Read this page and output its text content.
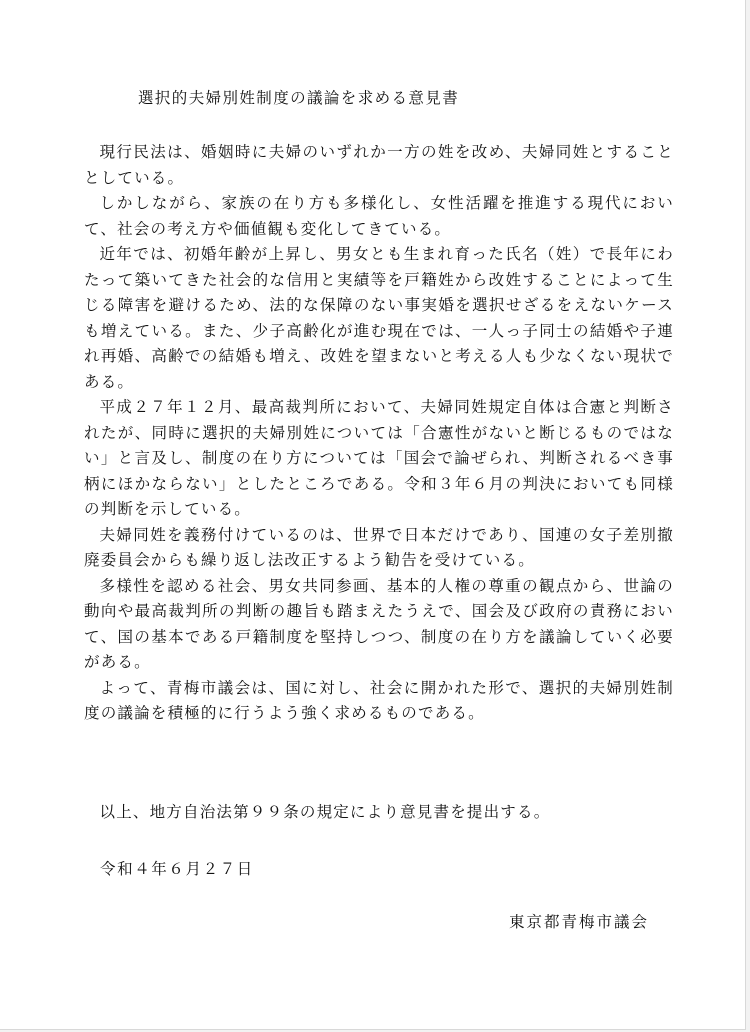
選択的夫婦別姓制度の議論を求める意見書

現行民法は、婚姻時に夫婦のいずれか一方の姓を改め、夫婦同姓とすることとしている。

しかしながら、家族の在り方も多様化し、女性活躍を推進する現代において、社会の考え方や価値観も変化してきている。

近年では、初婚年齢が上昇し、男女とも生まれ育った氏名（姓）で長年にわたって築いてきた社会的な信用と実績等を戸籍姓から改姓することによって生じる障害を避けるため、法的な保障のない事実婚を選択せざるをえないケースも増えている。また、少子高齢化が進む現在では、一人っ子同士の結婚や子連れ再婚、高齢での結婚も増え、改姓を望まないと考える人も少なくない現状である。

平成２７年１２月、最高裁判所において、夫婦同姓規定自体は合憲と判断されたが、同時に選択的夫婦別姓については「合憲性がないと断じるものではない」と言及し、制度の在り方については「国会で論ぜられ、判断されるべき事柄にほかならない」としたところである。令和３年６月の判決においても同様の判断を示している。

夫婦同姓を義務付けているのは、世界で日本だけであり、国連の女子差別撤廃委員会からも繰り返し法改正するよう勧告を受けている。

多様性を認める社会、男女共同参画、基本的人権の尊重の観点から、世論の動向や最高裁判所の判断の趣旨も踏まえたうえで、国会及び政府の責務において、国の基本である戸籍制度を堅持しつつ、制度の在り方を議論していく必要がある。

よって、青梅市議会は、国に対し、社会に開かれた形で、選択的夫婦別姓制度の議論を積極的に行うよう強く求めるものである。

以上、地方自治法第９９条の規定により意見書を提出する。
令和４年６月２７日
東京都青梅市議会
